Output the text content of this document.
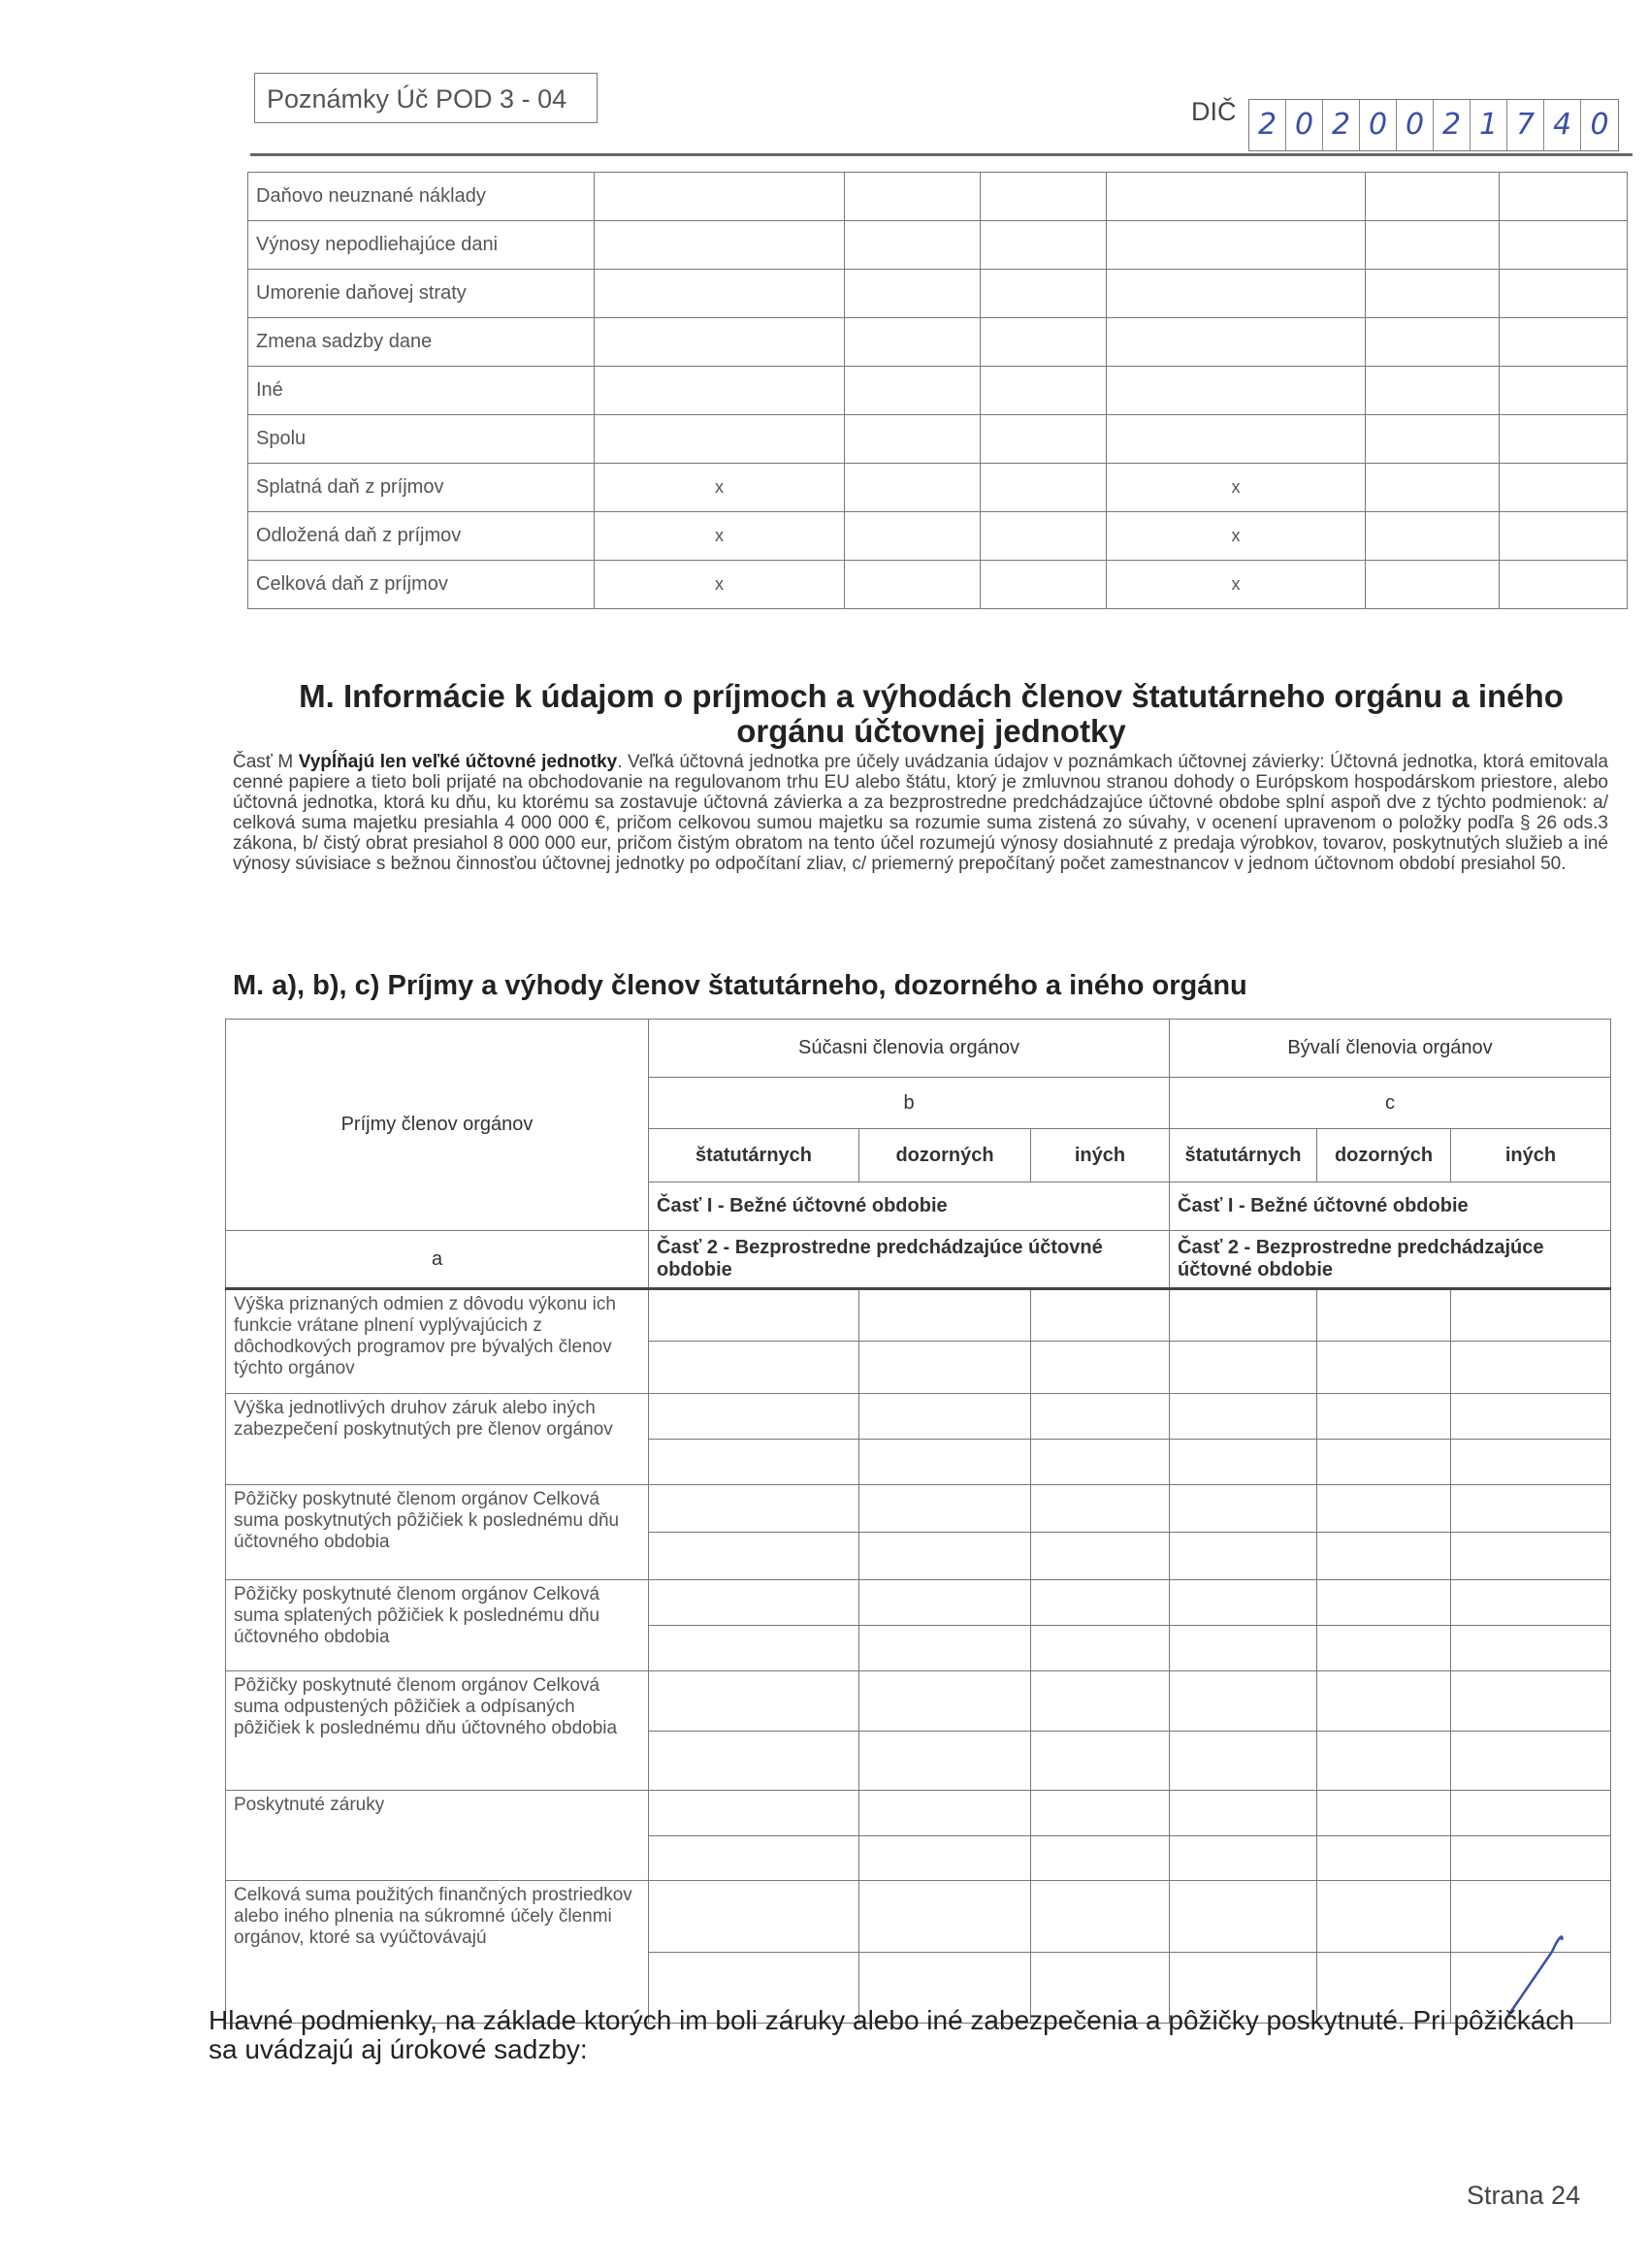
Poznámky Úč POD 3 - 04	DIČ 2 0 2 0 0 2 1 7 4 0
Daňovo neuznané náklady						
Výnosy nepodliehajúce dani						
Umorenie daňovej straty						
Zmena sadzby dane						
Iné						
Spolu						
Splatná daň z príjmov	x			x		
Odložená daň z príjmov	x			x		
Celková daň z príjmov	x			x		
M. Informácie k údajom o príjmoch a výhodách členov štatutárneho orgánu a iného orgánu účtovnej jednotky
Časť M Vypĺňajú len veľké účtovné jednotky. Veľká účtovná jednotka pre účely uvádzania údajov v poznámkach účtovnej závierky: Účtovná jednotka, ktorá emitovala cenné papiere a tieto boli prijaté na obchodovanie na regulovanom trhu EU alebo štátu, ktorý je zmluvnou stranou dohody o Európskom hospodárskom priestore, alebo účtovná jednotka, ktorá ku dňu, ku ktorému sa zostavuje účtovná závierka a za bezprostredne predchádzajúce účtovné obdobe splní aspoň dve z týchto podmienok: a/ celková suma majetku presiahla 4 000 000 €, pričom celkovou sumou majetku sa rozumie suma zistená zo súvahy, v ocenení upravenom o položky podľa § 26 ods.3 zákona, b/ čistý obrat presiahol 8 000 000 eur, pričom čistým obratom na tento účel rozumejú výnosy dosiahnuté z predaja výrobkov, tovarov, poskytnutých služieb a iné výnosy súvisiace s bežnou činnosťou účtovnej jednotky po odpočítaní zliav, c/ priemerný prepočítaný počet zamestnancov v jednom účtovnom období presiahol 50.
M. a), b), c) Príjmy a výhody členov štatutárneho, dozorného a iného orgánu
Príjmy členov orgánov	Súčasni členovia orgánov			Bývalí členovia orgánov		
	b			c		
	štatutárnych	dozorných	iných	štatutárnych	dozorných	iných
	Časť I - Bežné účtovné obdobie			Časť I - Bežné účtovné obdobie		
a	Časť 2 - Bezprostredne predchádzajúce účtovné obdobie			Časť 2 - Bezprostredne predchádzajúce účtovné obdobie		
Výška priznaných odmien z dôvodu výkonu ich funkcie vrátane plnení vyplývajúcich z dôchodkových programov pre bývalých členov týchto orgánov						

Výška jednotlivých druhov záruk alebo iných zabezpečení poskytnutých pre členov orgánov						

Pôžičky poskytnuté členom orgánov Celková suma poskytnutých pôžičiek k poslednému dňu účtovného obdobia						

Pôžičky poskytnuté členom orgánov Celková suma splatených pôžičiek k poslednému dňu účtovného obdobia						

Pôžičky poskytnuté členom orgánov Celková suma odpustených pôžičiek a odpísaných pôžičiek k poslednému dňu účtovného obdobia						

Poskytnuté záruky						

Celková suma použitých finančných prostriedkov alebo iného plnenia na súkromné účely členmi orgánov, ktoré sa vyúčtovávajú						

Hlavné podmienky, na základe ktorých im boli záruky alebo iné zabezpečenia a pôžičky poskytnuté. Pri pôžičkách sa uvádzajú aj úrokové sadzby:
Strana 24
